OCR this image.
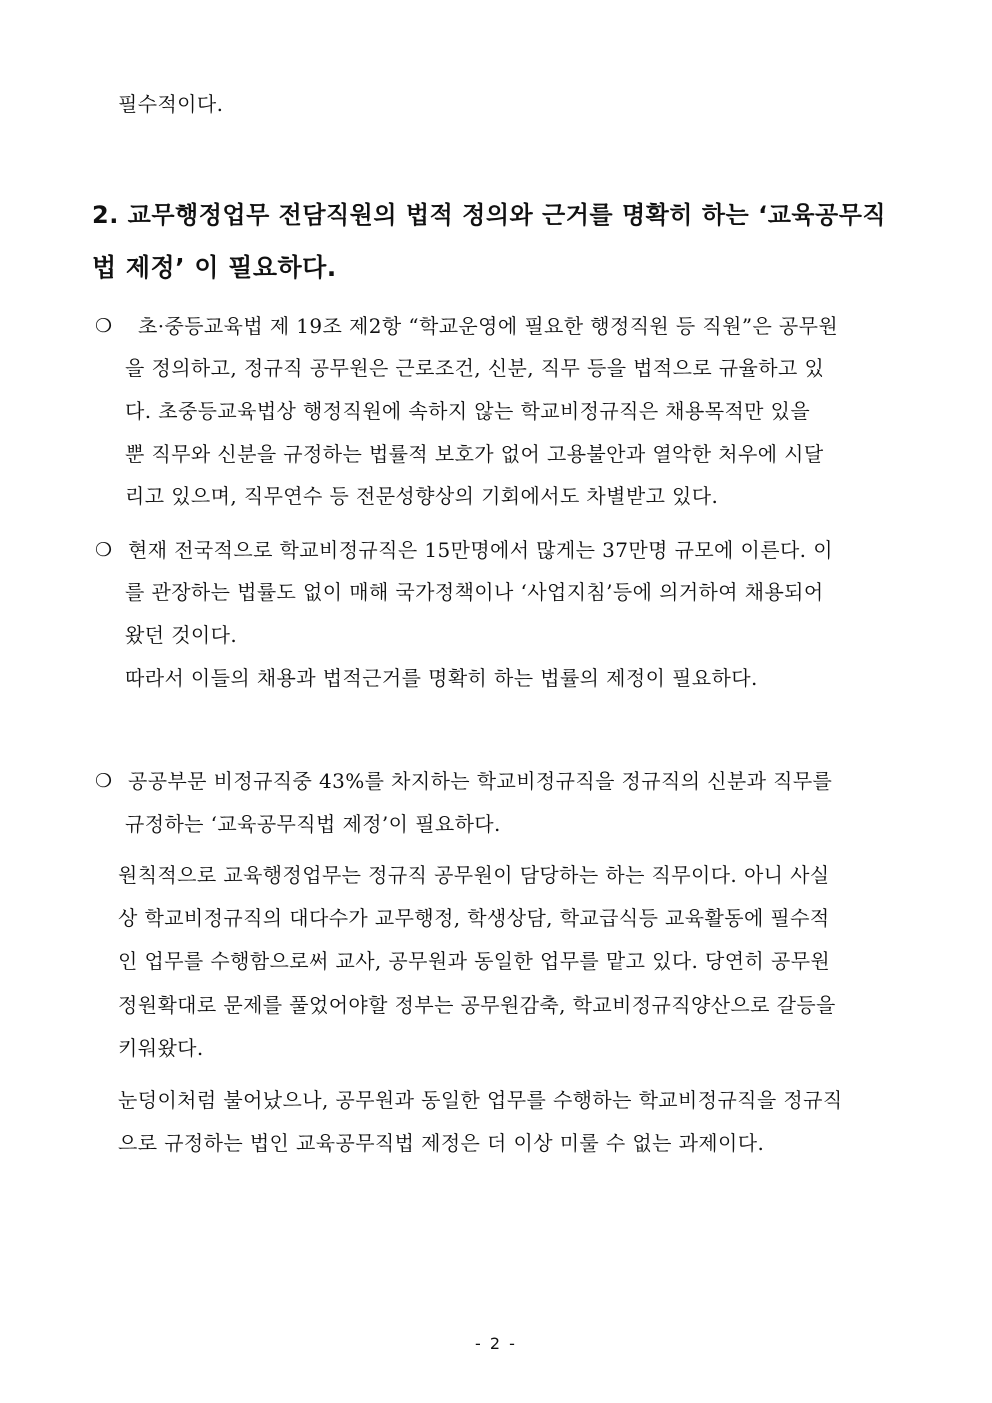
필수적이다.
2. 교무행정업무 전담직원의 법적 정의와 근거를 명확히 하는 ‘교육공무직
법 제정’ 이 필요하다.
❍ 초·중등교육법 제 19조 제2항 “학교운영에 필요한 행정직원 등 직원”은 공무원
을 정의하고, 정규직 공무원은 근로조건, 신분, 직무 등을 법적으로 규율하고 있
다. 초중등교육법상 행정직원에 속하지 않는 학교비정규직은 채용목적만 있을
뿐 직무와 신분을 규정하는 법률적 보호가 없어 고용불안과 열악한 처우에 시달
리고 있으며, 직무연수 등 전문성향상의 기회에서도 차별받고 있다.
❍ 현재 전국적으로 학교비정규직은 15만명에서 많게는 37만명 규모에 이른다. 이
를 관장하는 법률도 없이 매해 국가정책이나 ‘사업지침’등에 의거하여 채용되어
왔던 것이다.
따라서 이들의 채용과 법적근거를 명확히 하는 법률의 제정이 필요하다.
❍ 공공부문 비정규직중 43%를 차지하는 학교비정규직을 정규직의 신분과 직무를
규정하는 ‘교육공무직법 제정’이 필요하다.
원칙적으로 교육행정업무는 정규직 공무원이 담당하는 하는 직무이다. 아니 사실
상 학교비정규직의 대다수가 교무행정, 학생상담, 학교급식등 교육활동에 필수적
인 업무를 수행함으로써 교사, 공무원과 동일한 업무를 맡고 있다. 당연히 공무원
정원확대로 문제를 풀었어야할 정부는 공무원감축, 학교비정규직양산으로 갈등을
키워왔다.
눈덩이처럼 불어났으나, 공무원과 동일한 업무를 수행하는 학교비정규직을 정규직
으로 규정하는 법인 교육공무직법 제정은 더 이상 미룰 수 없는 과제이다.
- 2 -
